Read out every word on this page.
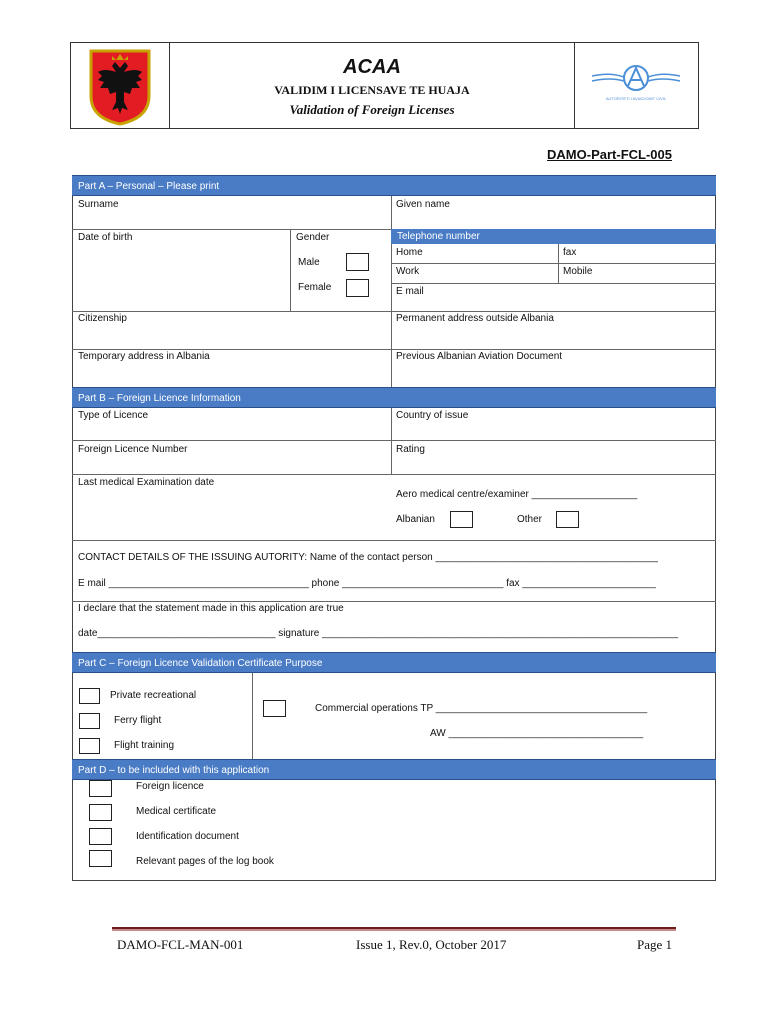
ACAA
VALIDIM I LICENSAVE TE HUAJA
Validation of Foreign Licenses
AUTORITETI I AVIACIONIT CIVIL
DAMO-Part-FCL-005
Part A – Personal – Please print
Surname	Given name
Date of birth	Gender
Male
Female
Telephone number
Home	fax
Work	Mobile
E mail
Citizenship	Permanent address outside Albania
Temporary address in Albania	Previous Albanian Aviation Document
Part B – Foreign Licence Information
Type of Licence	Country of issue
Foreign Licence Number	Rating
Last medical Examination date
Aero medical centre/examiner ___________________
Albanian	Other
CONTACT DETAILS OF THE ISSUING AUTORITY: Name of the contact person ________________________________________
E mail ____________________________________ phone _____________________________ fax ________________________
I declare that the statement made in this application are true
date________________________________ signature ________________________________________________________________
Part C – Foreign Licence Validation Certificate Purpose
Private recreational
Ferry flight
Flight training
Commercial operations TP ______________________________________
AW ___________________________________
Part D – to be included with this application
Foreign licence
Medical certificate
Identification document
Relevant pages of the log book
DAMO-FCL-MAN-001	Issue 1, Rev.0, October 2017	Page 1
